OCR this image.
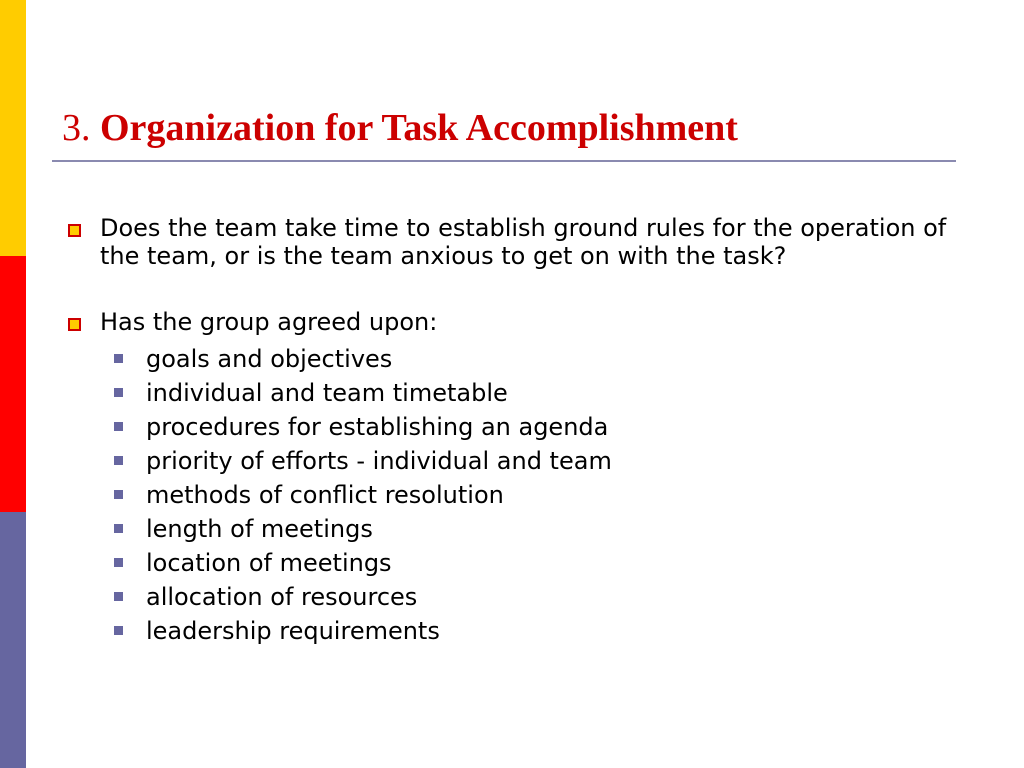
3. Organization for Task Accomplishment
Does the team take time to establish ground rules for the operation of the team, or is the team anxious to get on with the task?
Has the group agreed upon:
goals and objectives
individual and team timetable
procedures for establishing an agenda
priority of efforts - individual and team
methods of conflict resolution
length of meetings
location of meetings
allocation of resources
leadership requirements
